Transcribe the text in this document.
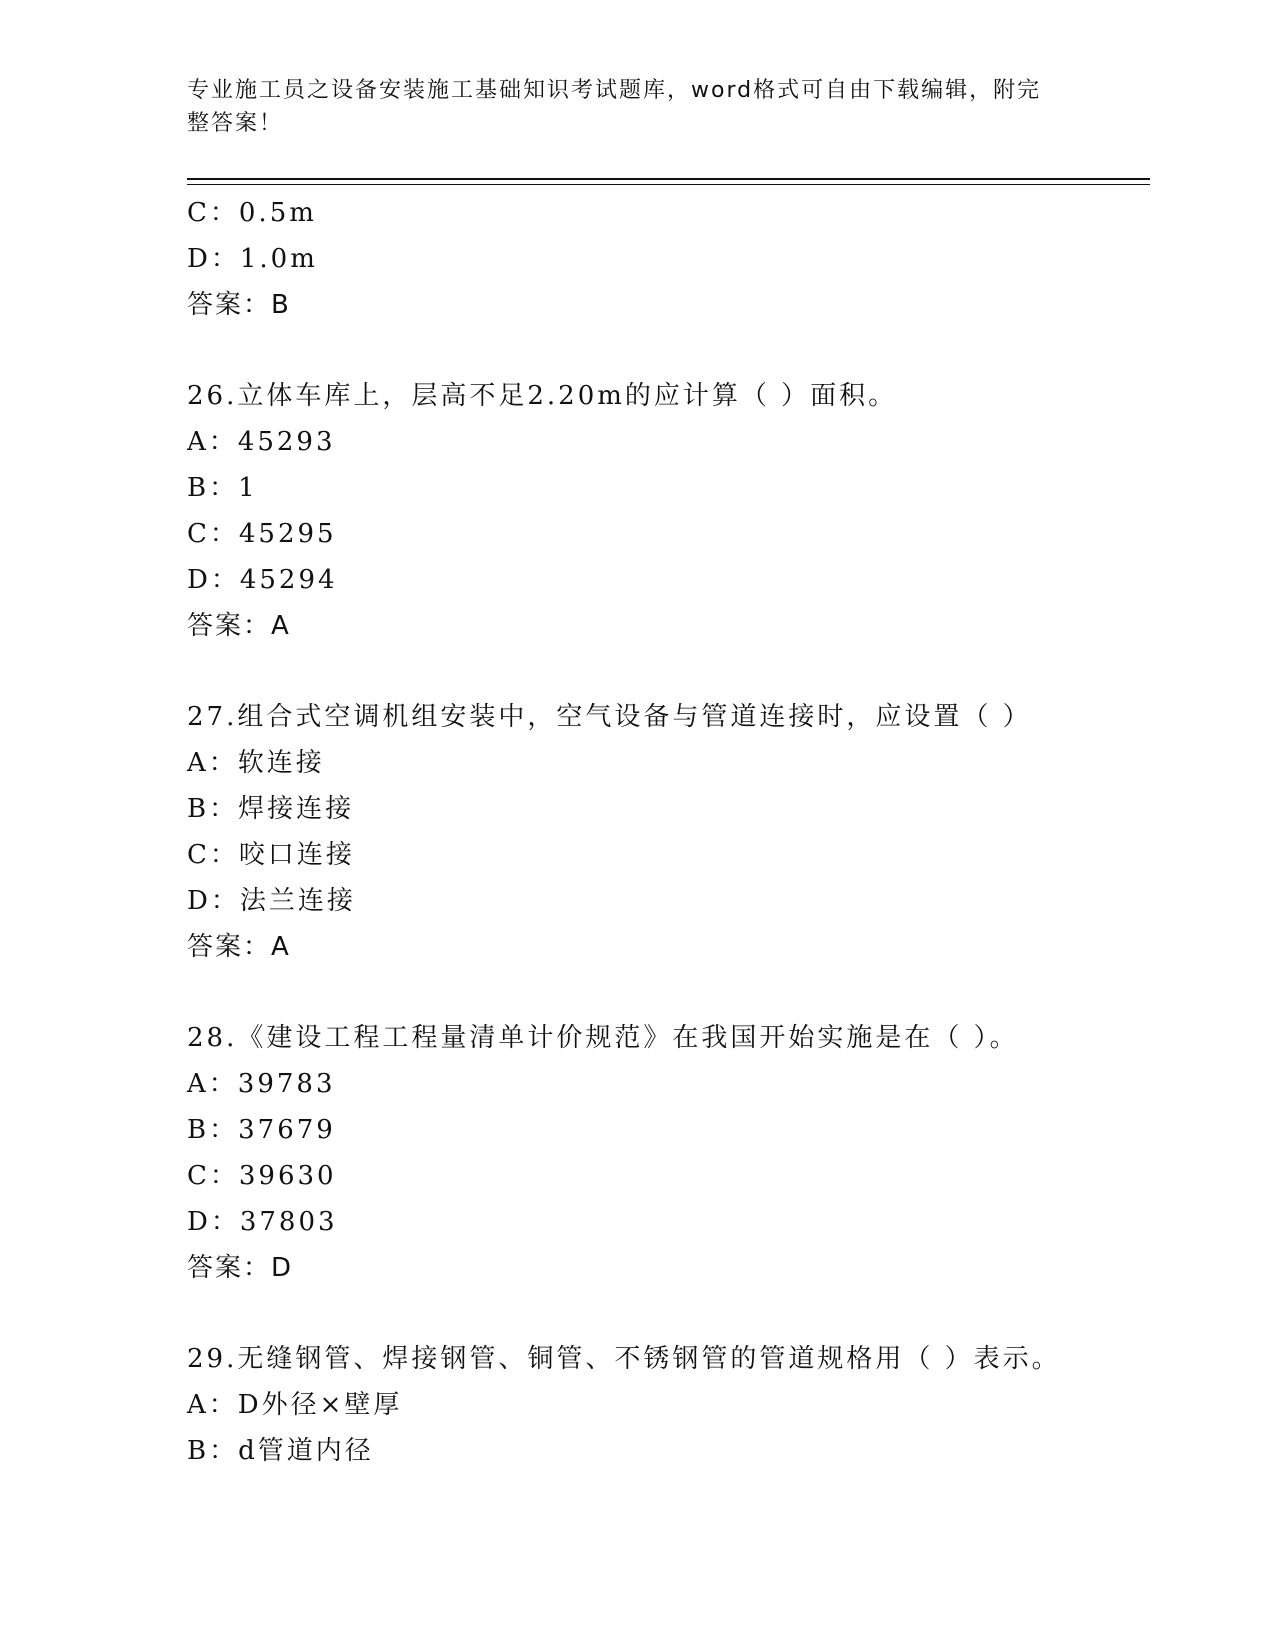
专业施工员之设备安装施工基础知识考试题库，word格式可自由下载编辑，附完
整答案！
C：0.5m
D：1.0m
答案：B
26.立体车库上，层高不足2.20m的应计算（ ）面积。
A：45293
B：1
C：45295
D：45294
答案：A
27.组合式空调机组安装中，空气设备与管道连接时，应设置（ ）
A：软连接
B：焊接连接
C：咬口连接
D：法兰连接
答案：A
28.《建设工程工程量清单计价规范》在我国开始实施是在（ ）。
A：39783
B：37679
C：39630
D：37803
答案：D
29.无缝钢管、焊接钢管、铜管、不锈钢管的管道规格用（ ）表示。
A：D外径×壁厚
B：d管道内径
